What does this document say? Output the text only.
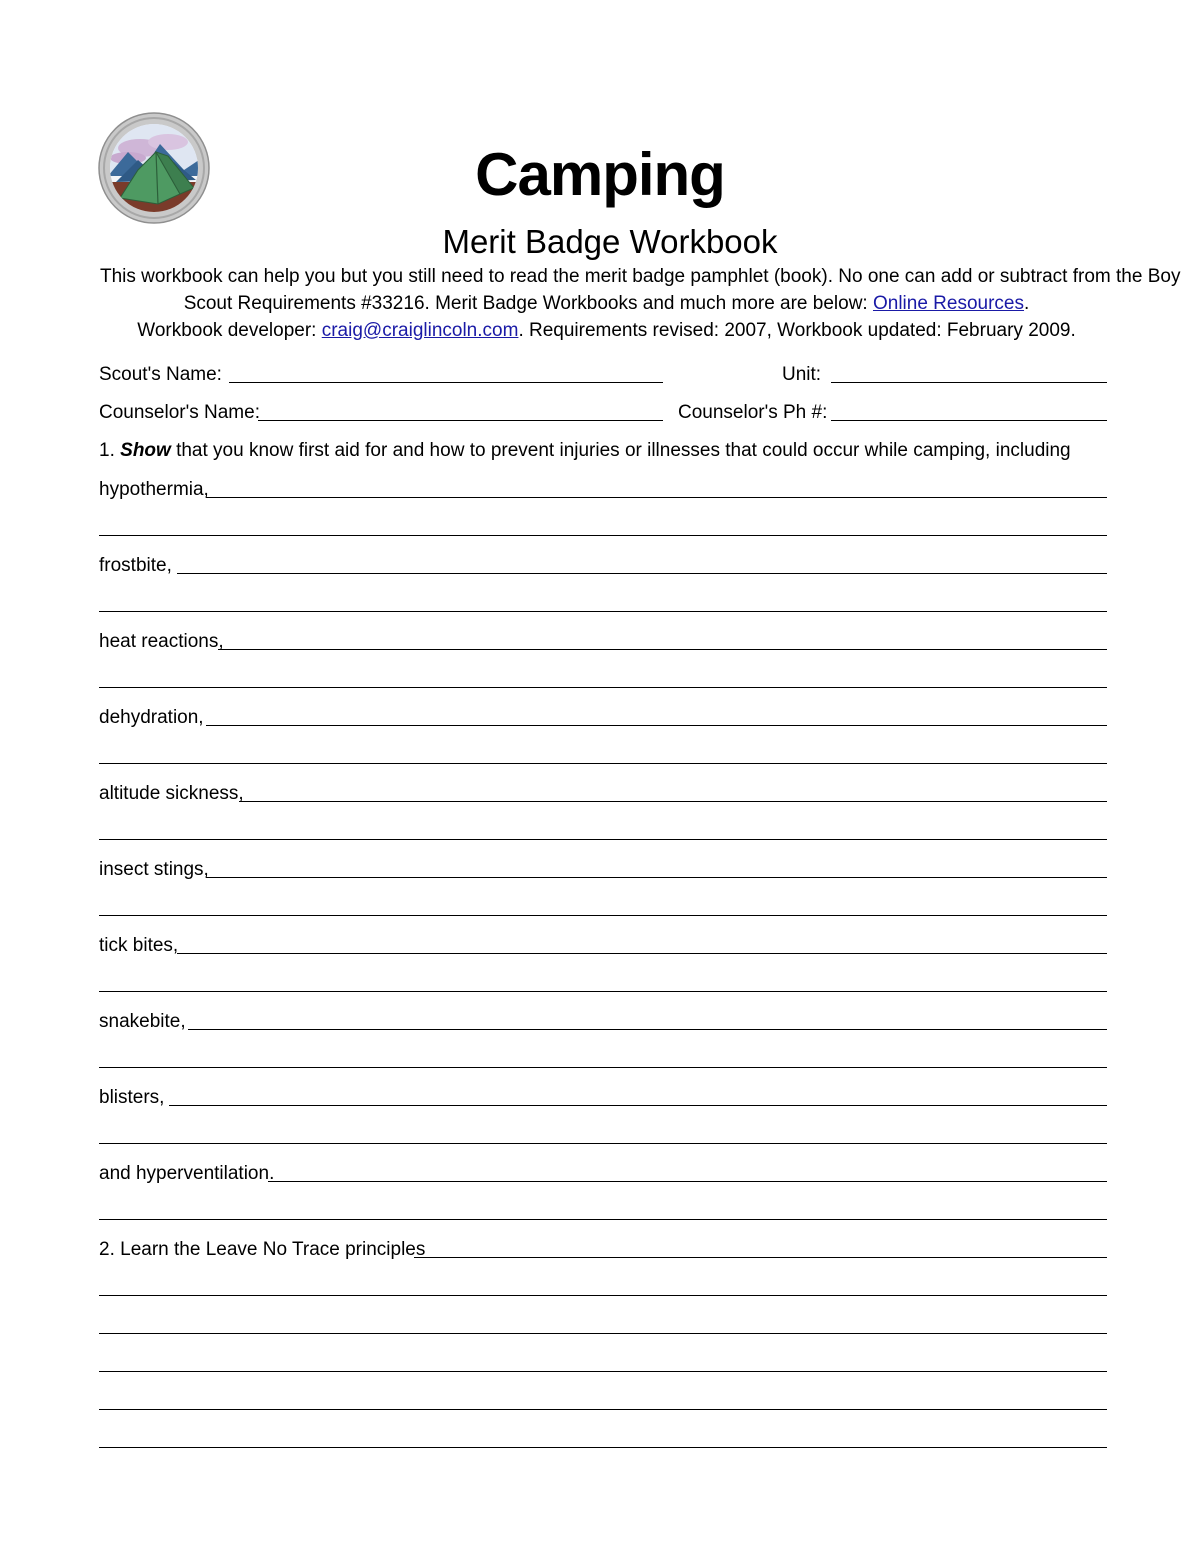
Camping
Merit Badge Workbook
This workbook can help you but you still need to read the merit badge pamphlet (book). No one can add or subtract from the Boy
Scout Requirements #33216. Merit Badge Workbooks and much more are below: Online Resources.
Workbook developer: craig@craiglincoln.com. Requirements revised: 2007, Workbook updated: February 2009.
Scout's Name:	Unit:
Counselor's Name:	Counselor's Ph #:
1. Show that you know first aid for and how to prevent injuries or illnesses that could occur while camping, including
hypothermia,
frostbite,
heat reactions,
dehydration,
altitude sickness,
insect stings,
tick bites,
snakebite,
blisters,
and hyperventilation.
2. Learn the Leave No Trace principles
